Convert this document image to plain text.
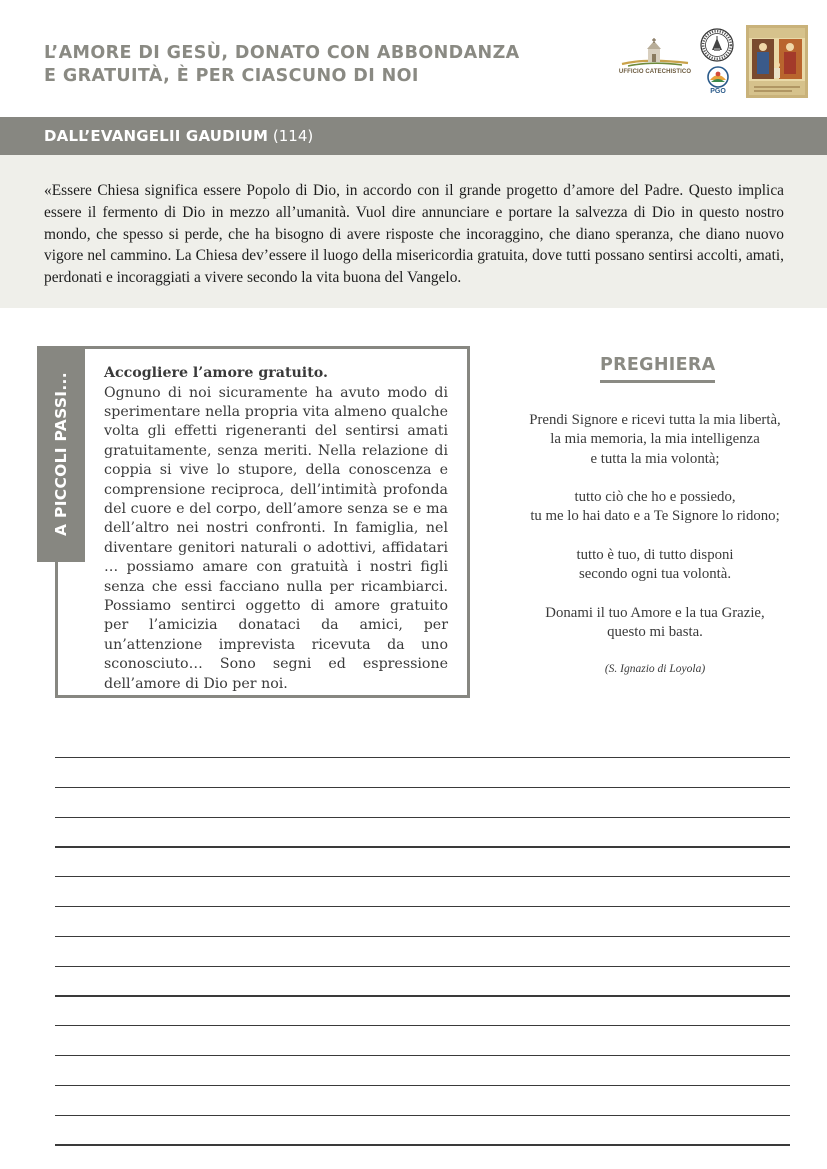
L’AMORE DI GESÙ, DONATO CON ABBONDANZA
E GRATUITÀ, È PER CIASCUNO DI NOI	UFFICIO CATECHISTICO
PGO
DALL’EVANGELII GAUDIUM (114)

«Essere Chiesa significa essere Popolo di Dio, in accordo con il grande progetto d’amore del Padre. Questo implica essere il fermento di Dio in mezzo all’umanità. Vuol dire annunciare e portare la salvezza di Dio in questo nostro mondo, che spesso si perde, che ha bisogno di avere risposte che incoraggino, che diano speranza, che diano nuovo vigore nel cammino. La Chiesa dev’essere il luogo della misericordia gratuita, dove tutti possano sentirsi accolti, amati, perdonati e incoraggiati a vivere secondo la vita buona del Vangelo.

A PICCOLI PASSI... Accogliere l’amore gratuito.

Ognuno di noi sicuramente ha avuto modo di sperimentare nella propria vita almeno qualche volta gli effetti rigeneranti del sentirsi amati gratuitamente, senza meriti. Nella relazione di coppia si vive lo stupore, della conoscenza e comprensione reciproca, dell’intimità profonda del cuore e del corpo, dell’amore senza se e ma dell’altro nei nostri confronti. In famiglia, nel diventare genitori naturali o adottivi, affidatari … possiamo amare con gratuità i nostri figli senza che essi facciano nulla per ricambiarci. Possiamo sentirci oggetto di amore gratuito per l’amicizia donataci da amici, per un’attenzione imprevista ricevuta da uno sconosciuto… Sono segni ed espressione dell’amore di Dio per noi.

PREGHIERA
Prendi Signore e ricevi tutta la mia libertà,
la mia memoria, la mia intelligenza
e tutta la mia volontà;
tutto ciò che ho e possiedo,
tu me lo hai dato e a Te Signore lo ridono;
tutto è tuo, di tutto disponi
secondo ogni tua volontà.
Donami il tuo Amore e la tua Grazie,
questo mi basta.
(S. Ignazio di Loyola)
